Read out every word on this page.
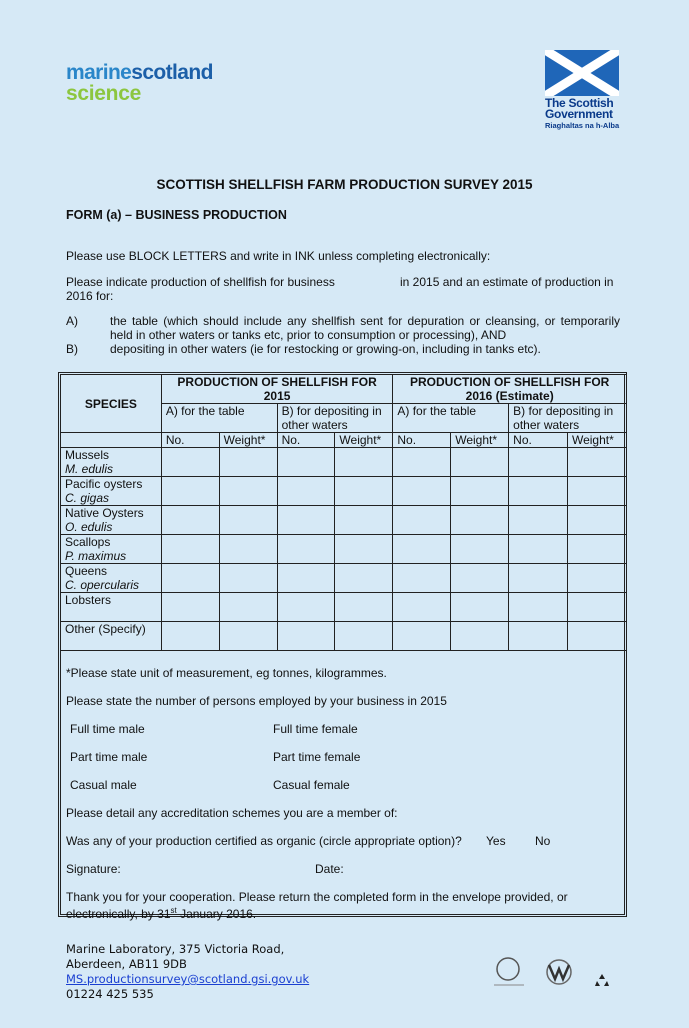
marinescotland
science	The Scottish
Government
Riaghaltas na h-Alba
SCOTTISH SHELLFISH FARM PRODUCTION SURVEY 2015
FORM (a) – BUSINESS PRODUCTION
Please use BLOCK LETTERS and write in INK unless completing electronically:
Please indicate production of shellfish for business	in 2015 and an estimate of production in
2016 for:
A)	the table (which should include any shellfish sent for depuration or cleansing, or temporarily held in other waters or tanks etc, prior to consumption or processing), AND
B)	depositing in other waters (ie for restocking or growing-on, including in tanks etc).
SPECIES	PRODUCTION OF SHELLFISH FOR 2015				PRODUCTION OF SHELLFISH FOR 2016 (Estimate)			
	A) for the table		B) for depositing in other waters		A) for the table		B) for depositing in other waters	
	No.	Weight*	No.	Weight*	No.	Weight*	No.	Weight*

Mussels
M. edulis								

Pacific oysters
C. gigas								

Native Oysters
O. edulis								

Scallops
P. maximus								

Queens
C. opercularis								

Lobsters								

Other (Specify)								

*Please state unit of measurement, eg tonnes, kilogrammes.
Please state the number of persons employed by your business in 2015
Full time male	Full time female
Part time male	Part time female
Casual male	Casual female
Please detail any accreditation schemes you are a member of:
Was any of your production certified as organic (circle appropriate option)? Yes No
Signature:	Date:
Thank you for your cooperation. Please return the completed form in the envelope provided, or electronically, by 31st January 2016.
Marine Laboratory, 375 Victoria Road,
Aberdeen, AB11 9DB
MS.productionsurvey@scotland.gsi.gov.uk
01224 425 535
